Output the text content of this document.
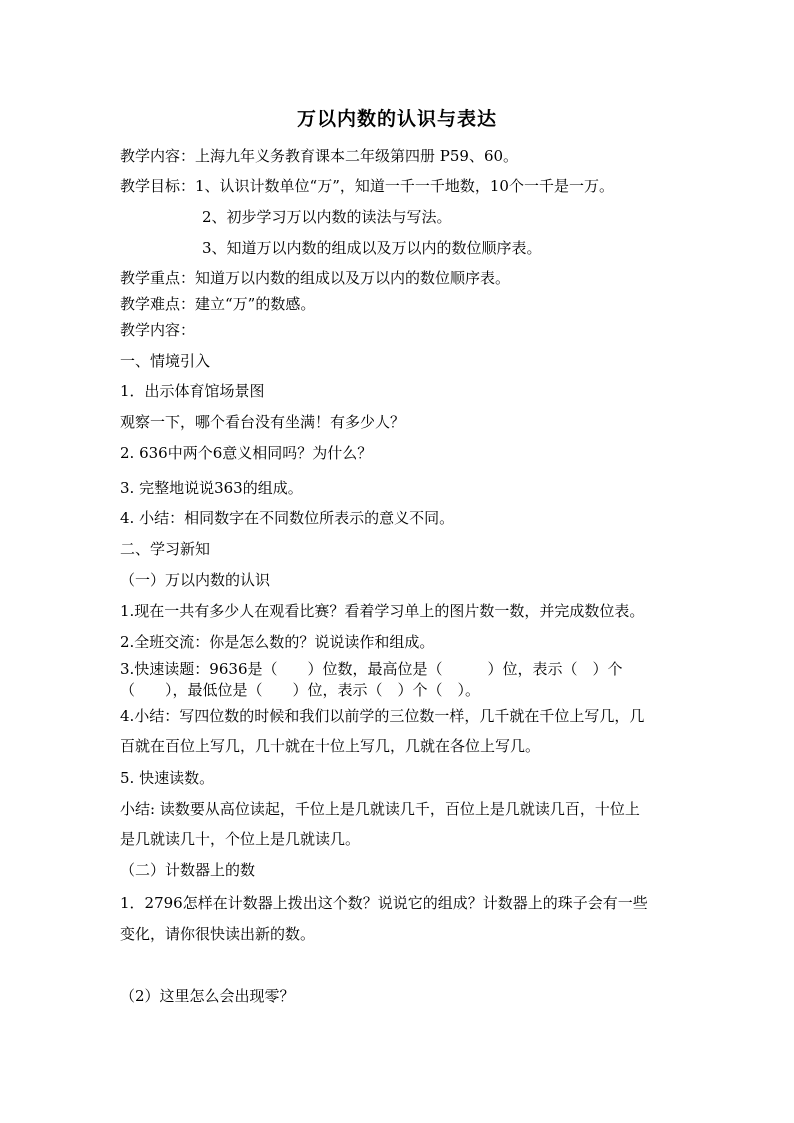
万以内数的认识与表达
教学内容：上海九年义务教育课本二年级第四册 P59、60。
教学目标：1、认识计数单位“万”，知道一千一千地数，10个一千是一万。
2、初步学习万以内数的读法与写法。
3、知道万以内数的组成以及万以内的数位顺序表。
教学重点：知道万以内数的组成以及万以内的数位顺序表。
教学难点：建立“万”的数感。
教学内容：
一、情境引入
1．出示体育馆场景图
观察一下，哪个看台没有坐满！有多少人？
2. 636中两个6意义相同吗？为什么？
3. 完整地说说363的组成。
4. 小结：相同数字在不同数位所表示的意义不同。
二、学习新知
（一）万以内数的认识
1.现在一共有多少人在观看比赛？看着学习单上的图片数一数，并完成数位表。
2.全班交流：你是怎么数的？说说读作和组成。
3.快速读题：9636是（　　）位数，最高位是（　　　）位，表示（　）个
（　　），最低位是（　　）位，表示（　）个（　）。
4.小结：写四位数的时候和我们以前学的三位数一样，几千就在千位上写几，几
百就在百位上写几，几十就在十位上写几，几就在各位上写几。
5. 快速读数。
小结: 读数要从高位读起，千位上是几就读几千，百位上是几就读几百，十位上
是几就读几十，个位上是几就读几。
（二）计数器上的数
1．2796怎样在计数器上拨出这个数？说说它的组成？计数器上的珠子会有一些
变化，请你很快读出新的数。
（2）这里怎么会出现零？
